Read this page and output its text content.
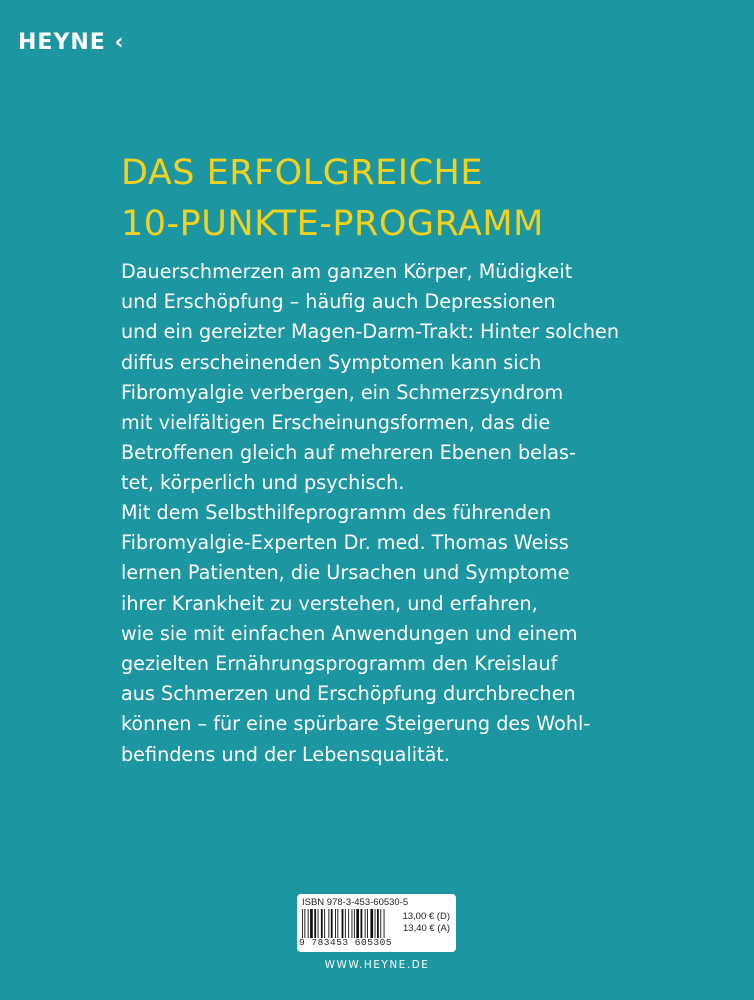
HEYNE ‹
DAS ERFOLGREICHE
10-PUNKTE-PROGRAMM
Dauerschmerzen am ganzen Körper, Müdigkeit
und Erschöpfung – häufig auch Depressionen
und ein gereizter Magen-Darm-Trakt: Hinter solchen
diffus erscheinenden Symptomen kann sich
Fibromyalgie verbergen, ein Schmerzsyndrom
mit vielfältigen Erscheinungsformen, das die
Betroffenen gleich auf mehreren Ebenen belas-
tet, körperlich und psychisch.
Mit dem Selbsthilfeprogramm des führenden
Fibromyalgie-Experten Dr. med. Thomas Weiss
lernen Patienten, die Ursachen und Symptome
ihrer Krankheit zu verstehen, und erfahren,
wie sie mit einfachen Anwendungen und einem
gezielten Ernährungsprogramm den Kreislauf
aus Schmerzen und Erschöpfung durchbrechen
können – für eine spürbare Steigerung des Wohl-
befindens und der Lebensqualität.
ISBN 978-3-453-60530-5
13,00 € (D)
13,40 € (A)
9 783453 605305
WWW.HEYNE.DE
